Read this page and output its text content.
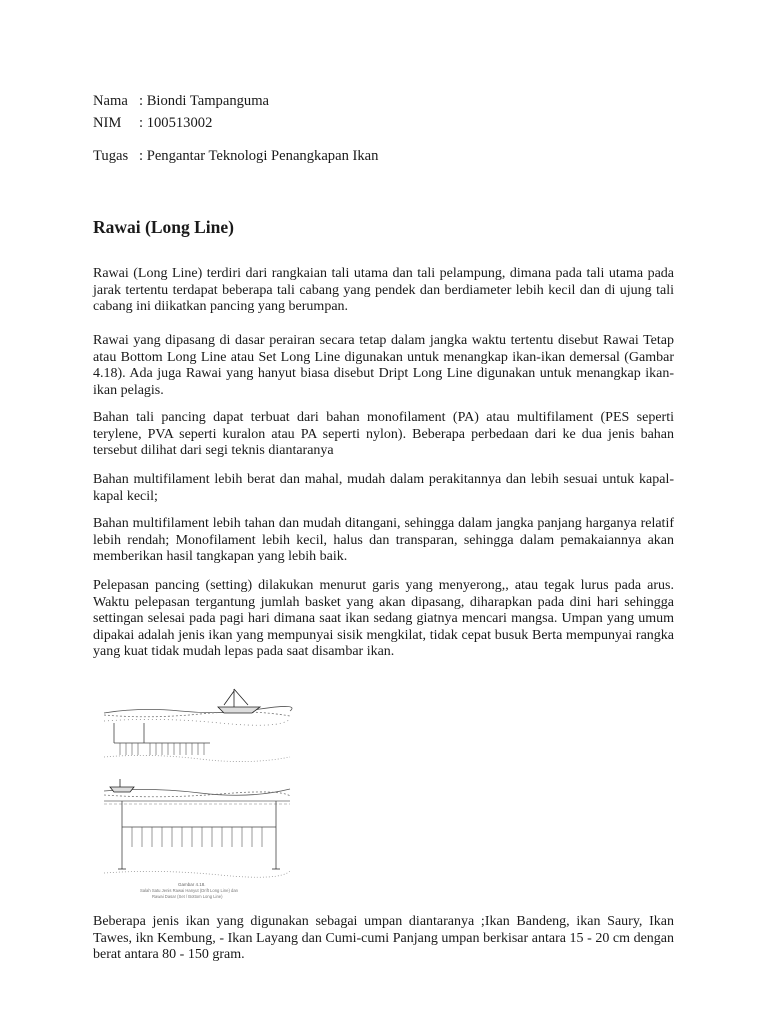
Nama : Biondi Tampanguma
NIM : 100513002
Tugas : Pengantar Teknologi Penangkapan Ikan
Rawai (Long Line)

Rawai (Long Line) terdiri dari rangkaian tali utama dan tali pelampung, dimana pada tali utama pada jarak tertentu terdapat beberapa tali cabang yang pendek dan berdiameter lebih kecil dan di ujung tali cabang ini diikatkan pancing yang berumpan.

Rawai yang dipasang di dasar perairan secara tetap dalam jangka waktu tertentu disebut Rawai Tetap atau Bottom Long Line atau Set Long Line digunakan untuk menangkap ikan-ikan demersal (Gambar 4.18). Ada juga Rawai yang hanyut biasa disebut Dript Long Line digunakan untuk menangkap ikan-ikan pelagis.

Bahan tali pancing dapat terbuat dari bahan monofilament (PA) atau multifilament (PES seperti terylene, PVA seperti kuralon atau PA seperti nylon). Beberapa perbedaan dari ke dua jenis bahan tersebut dilihat dari segi teknis diantaranya

Bahan multifilament lebih berat dan mahal, mudah dalam perakitannya dan lebih sesuai untuk kapal-kapal kecil;

Bahan multifilament lebih tahan dan mudah ditangani, sehingga dalam jangka panjang harganya relatif lebih rendah; Monofilament lebih kecil, halus dan transparan, sehingga dalam pemakaiannya akan memberikan hasil tangkapan yang lebih baik.

Pelepasan pancing (setting) dilakukan menurut garis yang menyerong,, atau tegak lurus pada arus. Waktu pelepasan tergantung jumlah basket yang akan dipasang, diharapkan pada dini hari sehingga settingan selesai pada pagi hari dimana saat ikan sedang giatnya mencari mangsa. Umpan yang umum dipakai adalah jenis ikan yang mempunyai sisik mengkilat, tidak cepat busuk Berta mempunyai rangka yang kuat tidak mudah lepas pada saat disambar ikan.

Gambar 4.18.
Salah Satu Jenis Rawai Hanyut (Drift Long Line) dan
Rawai Dasar (Set / Bottom Long Line)

Beberapa jenis ikan yang digunakan sebagai umpan diantaranya ;Ikan Bandeng, ikan Saury, Ikan Tawes, ikn Kembung, - Ikan Layang dan Cumi-cumi Panjang umpan berkisar antara 15 - 20 cm dengan berat antara 80 - 150 gram.
